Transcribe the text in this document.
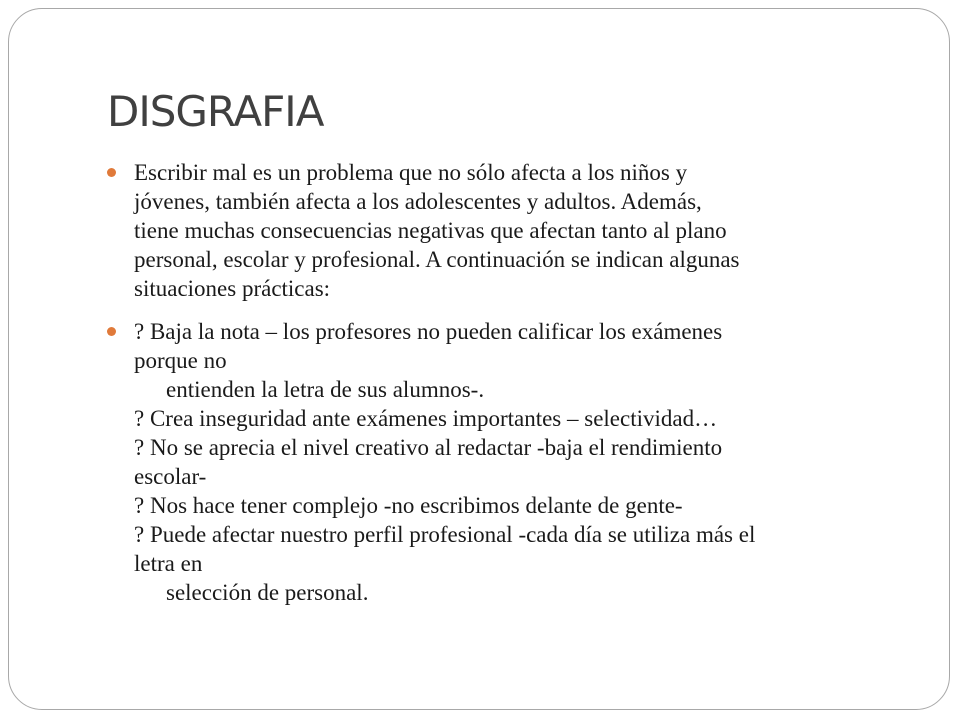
DISGRAFIA
Escribir mal es un problema que no sólo afecta a los niños y
jóvenes, también afecta a los adolescentes y adultos. Además,
tiene muchas consecuencias negativas que afectan tanto al plano
personal, escolar y profesional. A continuación se indican algunas
situaciones prácticas:
? Baja la nota – los profesores no pueden calificar los exámenes
porque no
entienden la letra de sus alumnos-.
? Crea inseguridad ante exámenes importantes – selectividad…
? No se aprecia el nivel creativo al redactar -baja el rendimiento
escolar-
? Nos hace tener complejo -no escribimos delante de gente-
? Puede afectar nuestro perfil profesional -cada día se utiliza más el
letra en
selección de personal.
